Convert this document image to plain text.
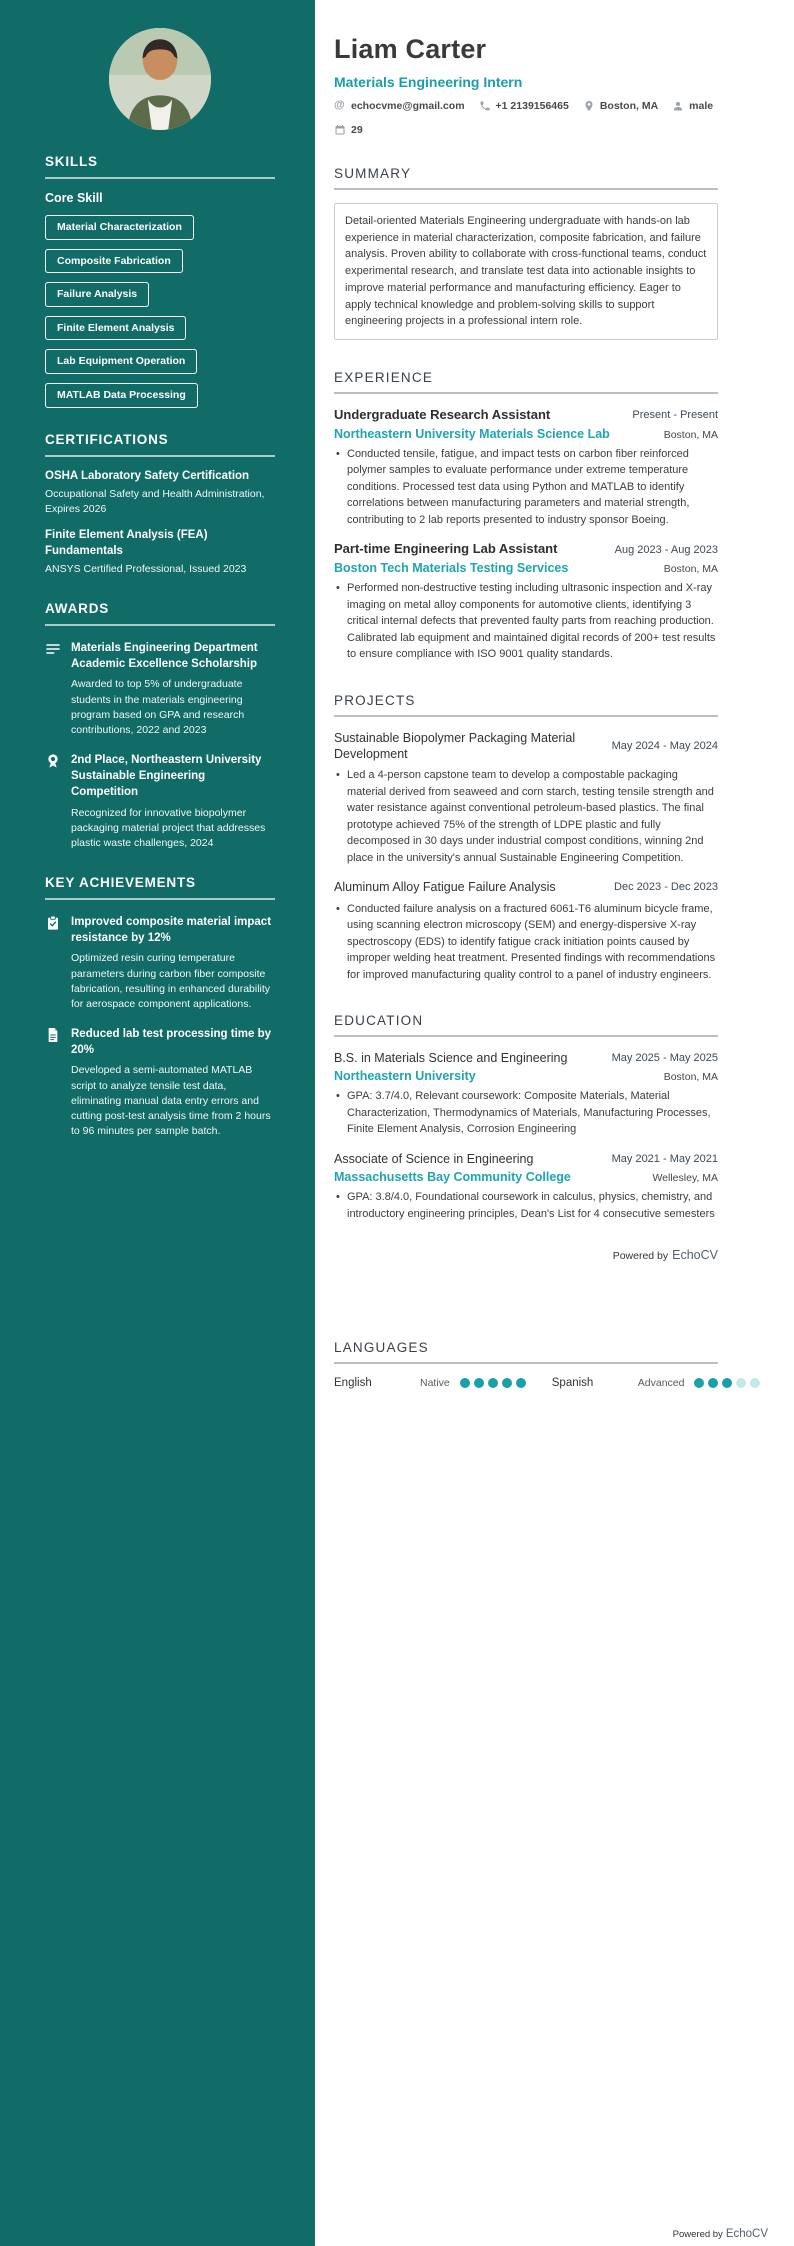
SKILLS
Core Skill
Material Characterization
Composite Fabrication
Failure Analysis
Finite Element Analysis
Lab Equipment Operation
MATLAB Data Processing
CERTIFICATIONS
OSHA Laboratory Safety Certification
Occupational Safety and Health Administration, Expires 2026
Finite Element Analysis (FEA) Fundamentals
ANSYS Certified Professional, Issued 2023
AWARDS
Materials Engineering Department Academic Excellence Scholarship
Awarded to top 5% of undergraduate students in the materials engineering program based on GPA and research contributions, 2022 and 2023
2nd Place, Northeastern University Sustainable Engineering Competition
Recognized for innovative biopolymer packaging material project that addresses plastic waste challenges, 2024
KEY ACHIEVEMENTS
Improved composite material impact resistance by 12%
Optimized resin curing temperature parameters during carbon fiber composite fabrication, resulting in enhanced durability for aerospace component applications.
Reduced lab test processing time by 20%
Developed a semi-automated MATLAB script to analyze tensile test data, eliminating manual data entry errors and cutting post-test analysis time from 2 hours to 96 minutes per sample batch.
Liam Carter
Materials Engineering Intern
@ echocvme@gmail.com	+1 2139156465	Boston, MA	male
29
SUMMARY
Detail-oriented Materials Engineering undergraduate with hands-on lab experience in material characterization, composite fabrication, and failure analysis. Proven ability to collaborate with cross-functional teams, conduct experimental research, and translate test data into actionable insights to improve material performance and manufacturing efficiency. Eager to apply technical knowledge and problem-solving skills to support engineering projects in a professional intern role.
EXPERIENCE
Undergraduate Research Assistant	Present - Present
Northeastern University Materials Science Lab	Boston, MA
• Conducted tensile, fatigue, and impact tests on carbon fiber reinforced polymer samples to evaluate performance under extreme temperature conditions. Processed test data using Python and MATLAB to identify correlations between manufacturing parameters and material strength, contributing to 2 lab reports presented to industry sponsor Boeing.
Part-time Engineering Lab Assistant	Aug 2023 - Aug 2023
Boston Tech Materials Testing Services	Boston, MA
• Performed non-destructive testing including ultrasonic inspection and X-ray imaging on metal alloy components for automotive clients, identifying 3 critical internal defects that prevented faulty parts from reaching production. Calibrated lab equipment and maintained digital records of 200+ test results to ensure compliance with ISO 9001 quality standards.
PROJECTS
Sustainable Biopolymer Packaging Material Development
May 2024 - May 2024
• Led a 4-person capstone team to develop a compostable packaging material derived from seaweed and corn starch, testing tensile strength and water resistance against conventional petroleum-based plastics. The final prototype achieved 75% of the strength of LDPE plastic and fully decomposed in 30 days under industrial compost conditions, winning 2nd place in the university's annual Sustainable Engineering Competition.
Aluminum Alloy Fatigue Failure Analysis	Dec 2023 - Dec 2023
• Conducted failure analysis on a fractured 6061-T6 aluminum bicycle frame, using scanning electron microscopy (SEM) and energy-dispersive X-ray spectroscopy (EDS) to identify fatigue crack initiation points caused by improper welding heat treatment. Presented findings with recommendations for improved manufacturing quality control to a panel of industry engineers.
EDUCATION
B.S. in Materials Science and Engineering	May 2025 - May 2025
Northeastern University	Boston, MA
• GPA: 3.7/4.0, Relevant coursework: Composite Materials, Material Characterization, Thermodynamics of Materials, Manufacturing Processes, Finite Element Analysis, Corrosion Engineering
Associate of Science in Engineering	May 2021 - May 2021
Massachusetts Bay Community College	Wellesley, MA
• GPA: 3.8/4.0, Foundational coursework in calculus, physics, chemistry, and introductory engineering principles, Dean's List for 4 consecutive semesters
Powered by EchoCV
LANGUAGES
English	Native	Spanish	Advanced
Powered by EchoCV
